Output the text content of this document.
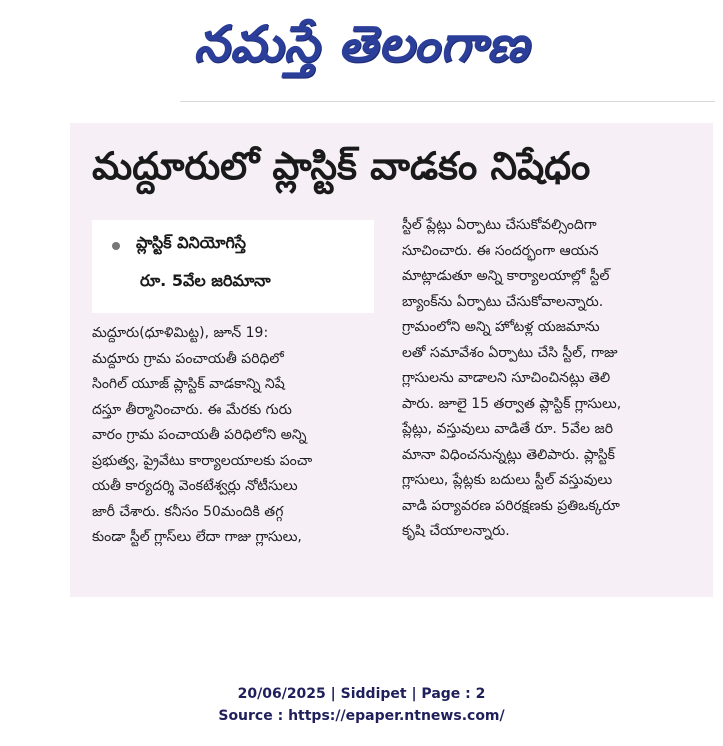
నమస్తే తెలంగాణ
మద్దూరులో ప్లాస్టిక్ వాడకం నిషేధం
ప్లాస్టిక్ వినియోగిస్తే
రూ. 5వేల జరిమానా
మద్దూరు(ధూళిమిట్ట), జూన్ 19:
మద్దూరు గ్రామ పంచాయతీ పరిధిలో
సింగిల్ యూజ్ ప్లాస్టిక్ వాడకాన్ని నిషే
దస్తూ తీర్మానించారు. ఈ మేరకు గురు
వారం గ్రామ పంచాయతీ పరిధిలోని అన్ని
ప్రభుత్వ, ప్రైవేటు కార్యాలయాలకు పంచా
యతీ కార్యదర్శి వెంకటేశ్వర్లు నోటీసులు
జారీ చేశారు. కనీసం 50మందికి తగ్గ
కుండా స్టీల్ గ్లాస్‌లు లేదా గాజు గ్లాసులు,
స్టీల్ ప్లేట్లు ఏర్పాటు చేసుకోవల్సిందిగా
సూచించారు. ఈ సందర్భంగా ఆయన
మాట్లాడుతూ అన్ని కార్యాలయాల్లో స్టీల్
బ్యాంక్‌ను ఏర్పాటు చేసుకోవాలన్నారు.
గ్రామంలోని అన్ని హోటళ్ల యజమాను
లతో సమావేశం ఏర్పాటు చేసి స్టీల్, గాజు
గ్లాసులను వాడాలని సూచించినట్లు తెలి
పారు. జూలై 15 తర్వాత ప్లాస్టిక్ గ్లాసులు,
ప్లేట్లు, వస్తువులు వాడితే రూ. 5వేల జరి
మానా విధించనున్నట్లు తెలిపారు. ప్లాస్టిక్
గ్లాసులు, ప్లేట్లకు బదులు స్టీల్ వస్తువులు
వాడి పర్యావరణ పరిరక్షణకు ప్రతిఒక్కరూ
కృషి చేయాలన్నారు.
20/06/2025 | Siddipet | Page : 2
Source : https://epaper.ntnews.com/
